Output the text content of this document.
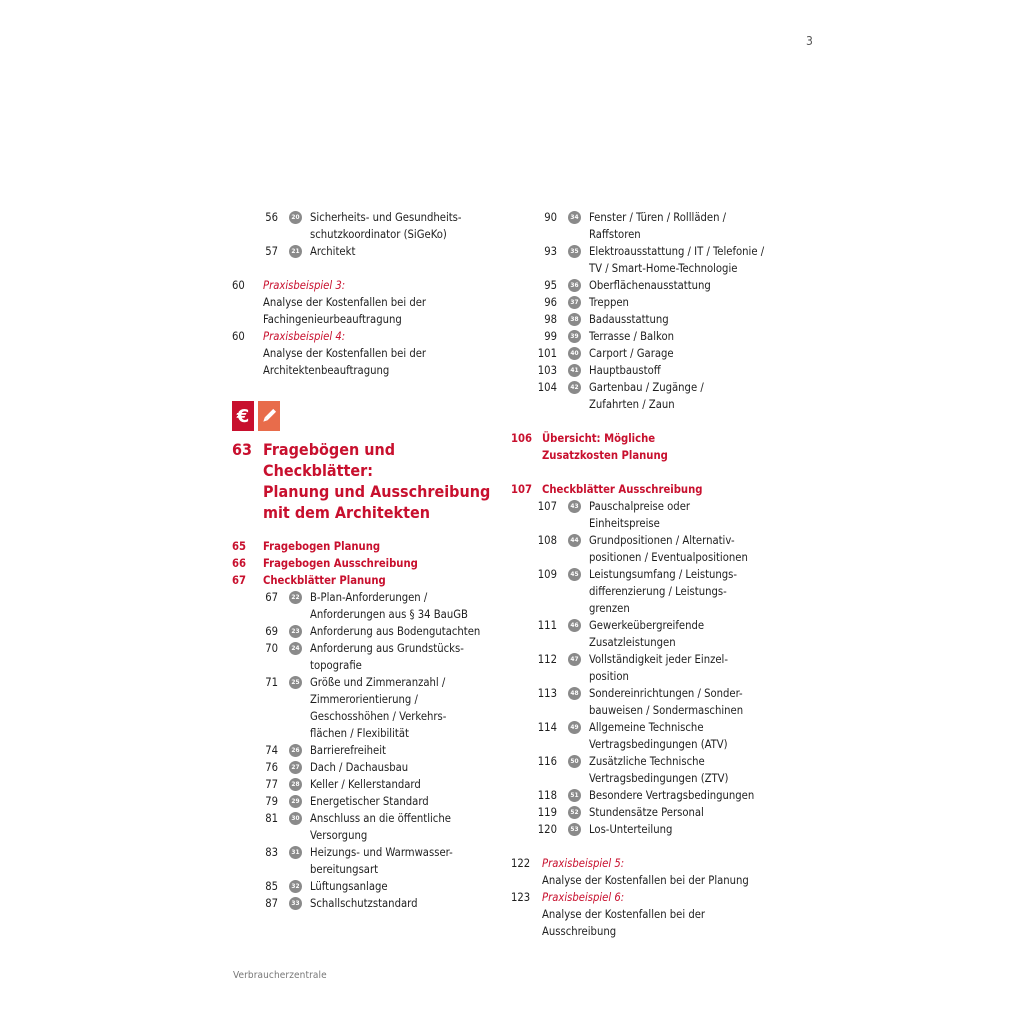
3
56	20 Sicherheits- und Gesundheits-
schutzkoordinator (SiGeKo)
57	21 Architekt
60	Praxisbeispiel 3:
Analyse der Kostenfallen bei der
Fachingenieurbeauftragung
60	Praxisbeispiel 4:
Analyse der Kostenfallen bei der
Architektenbeauftragung
€
63 Fragebögen und Checkblätter:
Planung und Ausschreibung
mit dem Architekten
65	Fragebogen Planung
66	Fragebogen Ausschreibung
67	Checkblätter Planung
67	22 B-Plan-Anforderungen /
Anforderungen aus § 34 BauGB
69	23 Anforderung aus Bodengutachten
70	24 Anforderung aus Grundstücks-
topografie
71	25 Größe und Zimmeranzahl /
Zimmerorientierung /
Geschosshöhen / Verkehrs-
flächen / Flexibilität
74	26 Barrierefreiheit
76	27 Dach / Dachausbau
77	28 Keller / Kellerstandard
79	29 Energetischer Standard
81	30 Anschluss an die öffentliche
Versorgung
83	31 Heizungs- und Warmwasser-
bereitungsart
85	32 Lüftungsanlage
87	33 Schallschutzstandard
90	34 Fenster / Türen / Rollläden /
Raffstoren
93	35 Elektroausstattung / IT / Telefonie /
TV / Smart-Home-Technologie
95	36 Oberflächenausstattung
96	37 Treppen
98	38 Badausstattung
99	39 Terrasse / Balkon
101	40 Carport / Garage
103	41 Hauptbaustoff
104	42 Gartenbau / Zugänge /
Zufahrten / Zaun
106 Übersicht: Mögliche
Zusatzkosten Planung
107 Checkblätter Ausschreibung
107	43 Pauschalpreise oder
Einheitspreise
108	44 Grundpositionen / Alternativ-
positionen / Eventualpositionen
109	45 Leistungsumfang / Leistungs-
differenzierung / Leistungs-
grenzen
111	46 Gewerkeübergreifende
Zusatzleistungen
112	47 Vollständigkeit jeder Einzel-
position
113	48 Sondereinrichtungen / Sonder-
bauweisen / Sondermaschinen
114	49 Allgemeine Technische
Vertragsbedingungen (ATV)
116	50 Zusätzliche Technische
Vertragsbedingungen (ZTV)
118	51 Besondere Vertragsbedingungen
119	52 Stundensätze Personal
120	53 Los-Unterteilung
122	Praxisbeispiel 5:
Analyse der Kostenfallen bei der Planung
123	Praxisbeispiel 6:
Analyse der Kostenfallen bei der
Ausschreibung
Verbraucherzentrale
